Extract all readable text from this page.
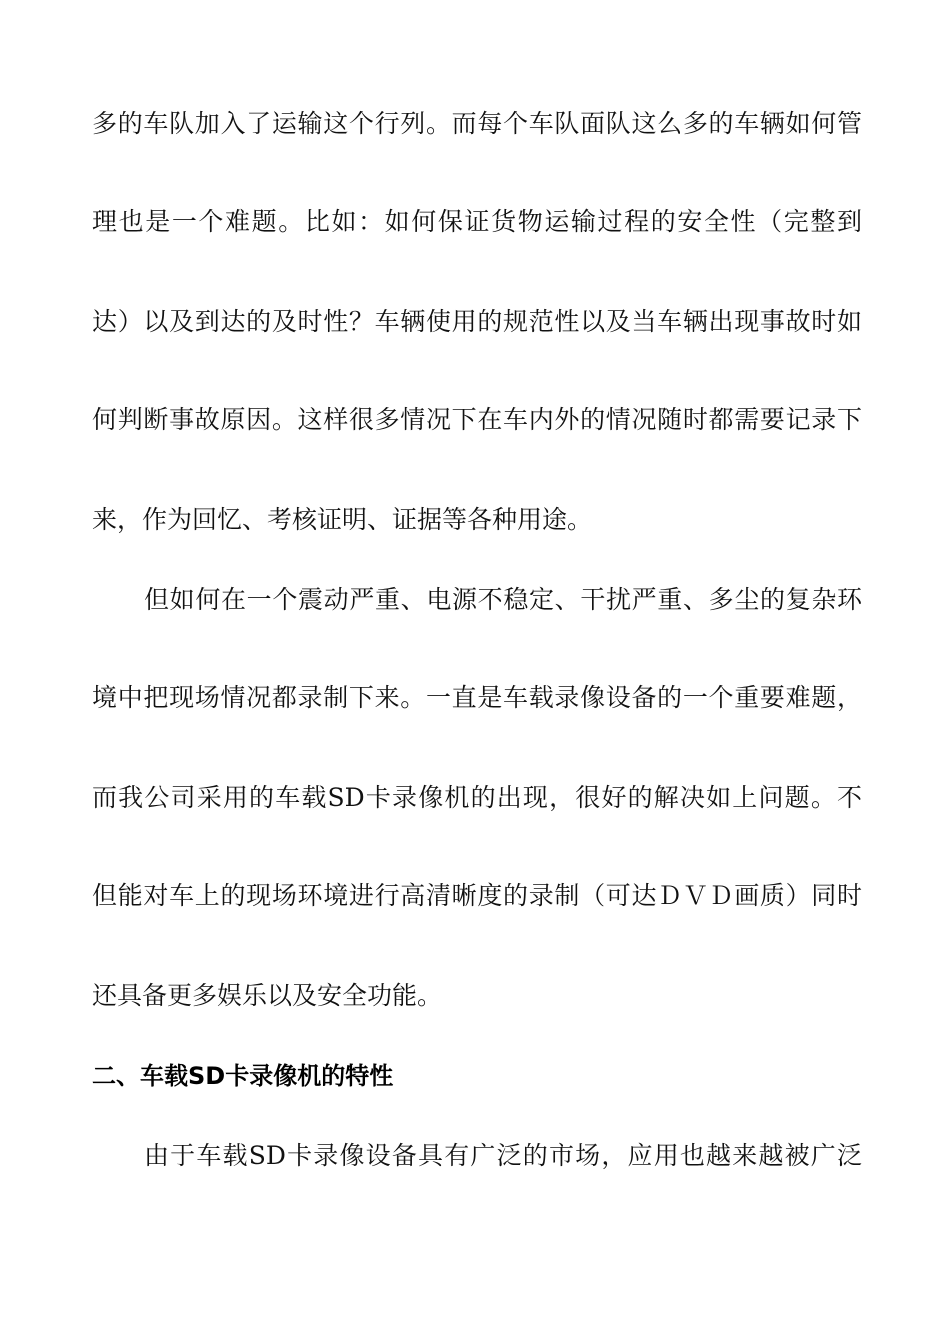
多的车队加入了运输这个行列。而每个车队面队这么多的车辆如何管
理也是一个难题。比如：如何保证货物运输过程的安全性（完整到
达）以及到达的及时性？车辆使用的规范性以及当车辆出现事故时如
何判断事故原因。这样很多情况下在车内外的情况随时都需要记录下
来，作为回忆、考核证明、证据等各种用途。
但如何在一个震动严重、电源不稳定、干扰严重、多尘的复杂环
境中把现场情况都录制下来。一直是车载录像设备的一个重要难题，
而我公司采用的车载SD卡录像机的出现，很好的解决如上问题。不
但能对车上的现场环境进行高清晰度的录制（可达ＤＶＤ画质）同时
还具备更多娱乐以及安全功能。
二、车载SD卡录像机的特性
由于车载SD卡录像设备具有广泛的市场，应用也越来越被广泛
